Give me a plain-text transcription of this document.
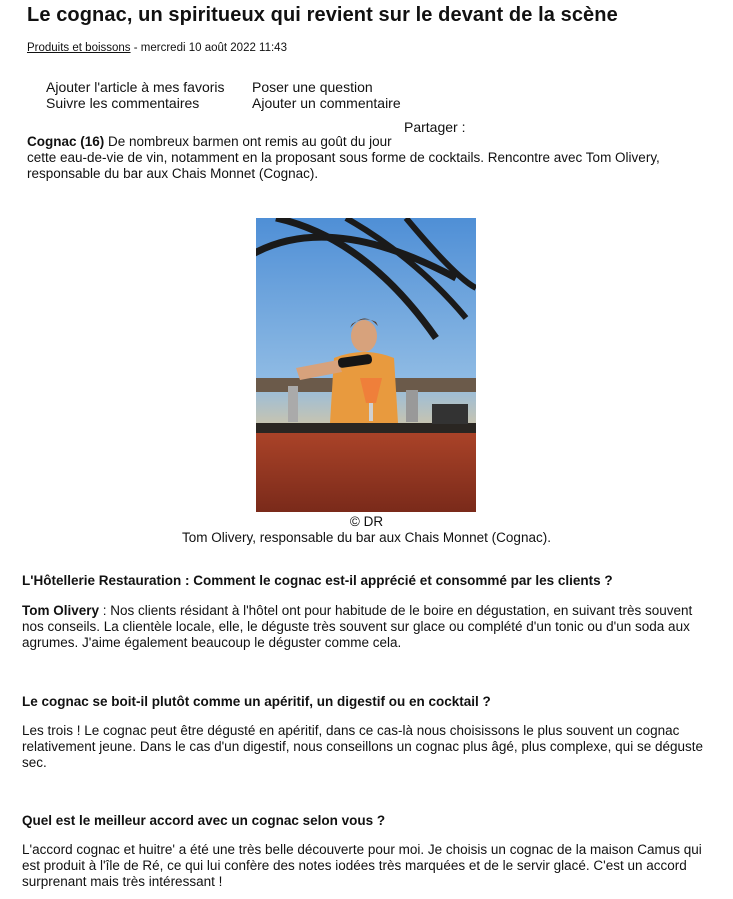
Le cognac, un spiritueux qui revient sur le devant de la scène
Produits et boissons - mercredi 10 août 2022 11:43
Ajouter l'article à mes favoris
Suivre les commentaires
Poser une question
Ajouter un commentaire
Partager :
Cognac (16) De nombreux barmen ont remis au goût du jour
cette eau-de-vie de vin, notamment en la proposant sous forme de cocktails. Rencontre avec Tom Olivery, responsable du bar aux Chais Monnet (Cognac).
© DR
Tom Olivery, responsable du bar aux Chais Monnet (Cognac).
L'Hôtellerie Restauration : Comment le cognac est-il apprécié et consommé par les clients ?
Tom Olivery : Nos clients résidant à l'hôtel ont pour habitude de le boire en dégustation, en suivant très souvent nos conseils. La clientèle locale, elle, le déguste très souvent sur glace ou complété d'un tonic ou d'un soda aux agrumes. J'aime également beaucoup le déguster comme cela.
Le cognac se boit-il plutôt comme un apéritif, un digestif ou en cocktail ?
Les trois ! Le cognac peut être dégusté en apéritif, dans ce cas-là nous choisissons le plus souvent un cognac relativement jeune. Dans le cas d'un digestif, nous conseillons un cognac plus âgé, plus complexe, qui se déguste sec.
Quel est le meilleur accord avec un cognac selon vous ?
L'accord cognac et huitre' a été une très belle découverte pour moi. Je choisis un cognac de la maison Camus qui est produit à l'île de Ré, ce qui lui confère des notes iodées très marquées et de le servir glacé. C'est un accord surprenant mais très intéressant !
